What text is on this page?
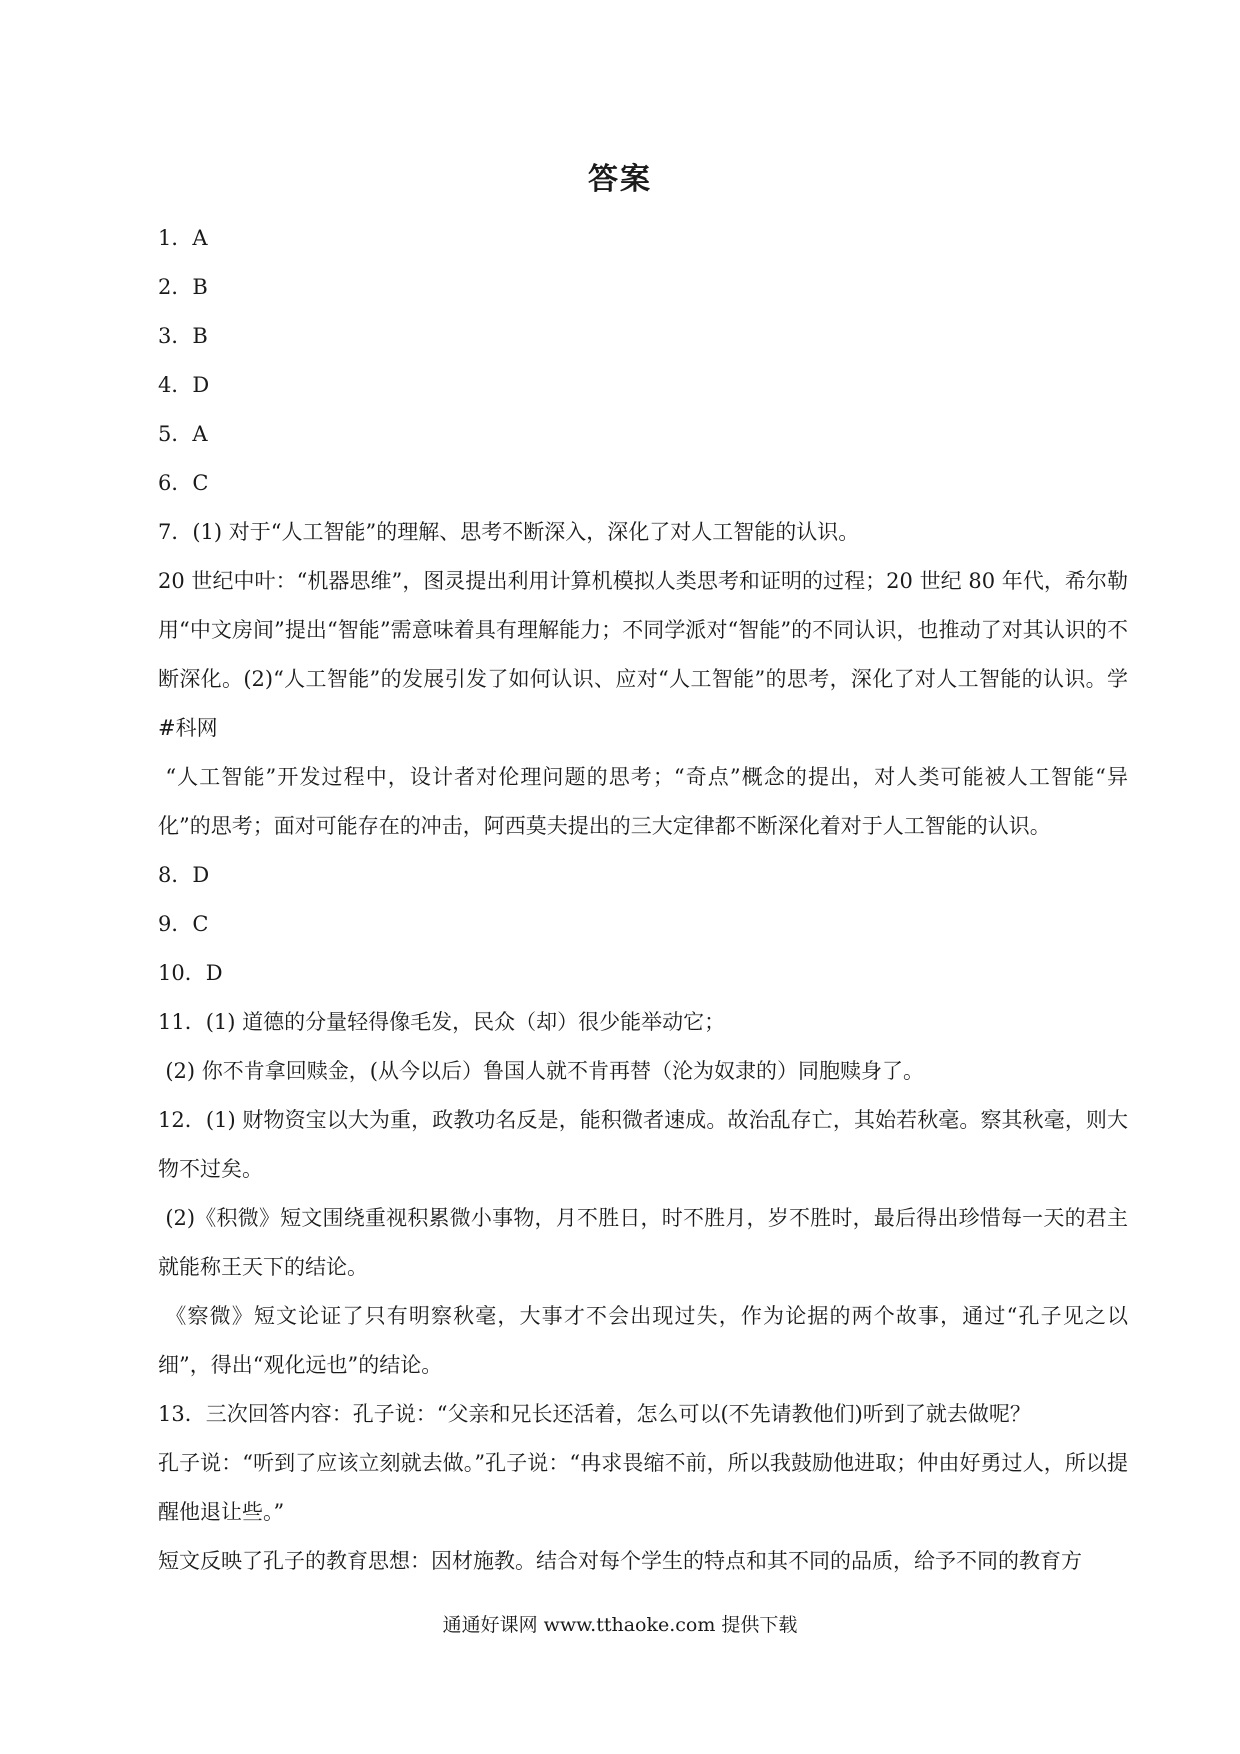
答案
1．A
2．B
3．B
4．D
5．A
6．C
7．(1) 对于“人工智能”的理解、思考不断深入，深化了对人工智能的认识。
20 世纪中叶：“机器思维”，图灵提出利用计算机模拟人类思考和证明的过程；20 世纪 80 年代，希尔勒用“中文房间”提出“智能”需意味着具有理解能力；不同学派对“智能”的不同认识，也推动了对其认识的不断深化。(2)“人工智能”的发展引发了如何认识、应对“人工智能”的思考，深化了对人工智能的认识。学#科网
“人工智能”开发过程中，设计者对伦理问题的思考；“奇点”概念的提出，对人类可能被人工智能“异化”的思考；面对可能存在的冲击，阿西莫夫提出的三大定律都不断深化着对于人工智能的认识。
8．D
9．C
10．D
11．(1) 道德的分量轻得像毛发，民众（却）很少能举动它；
(2) 你不肯拿回赎金，(从今以后）鲁国人就不肯再替（沦为奴隶的）同胞赎身了。
12．(1) 财物资宝以大为重，政教功名反是，能积微者速成。故治乱存亡，其始若秋毫。察其秋毫，则大物不过矣。
(2)《积微》短文围绕重视积累微小事物，月不胜日，时不胜月，岁不胜时，最后得出珍惜每一天的君主就能称王天下的结论。
《察微》短文论证了只有明察秋毫，大事才不会出现过失，作为论据的两个故事，通过“孔子见之以细”，得出“观化远也”的结论。
13．三次回答内容：孔子说：“父亲和兄长还活着，怎么可以(不先请教他们)听到了就去做呢？
孔子说：“听到了应该立刻就去做。”孔子说：“冉求畏缩不前，所以我鼓励他进取；仲由好勇过人，所以提醒他退让些。”
短文反映了孔子的教育思想：因材施教。结合对每个学生的特点和其不同的品质，给予不同的教育方
通通好课网 www.tthaoke.com 提供下载
